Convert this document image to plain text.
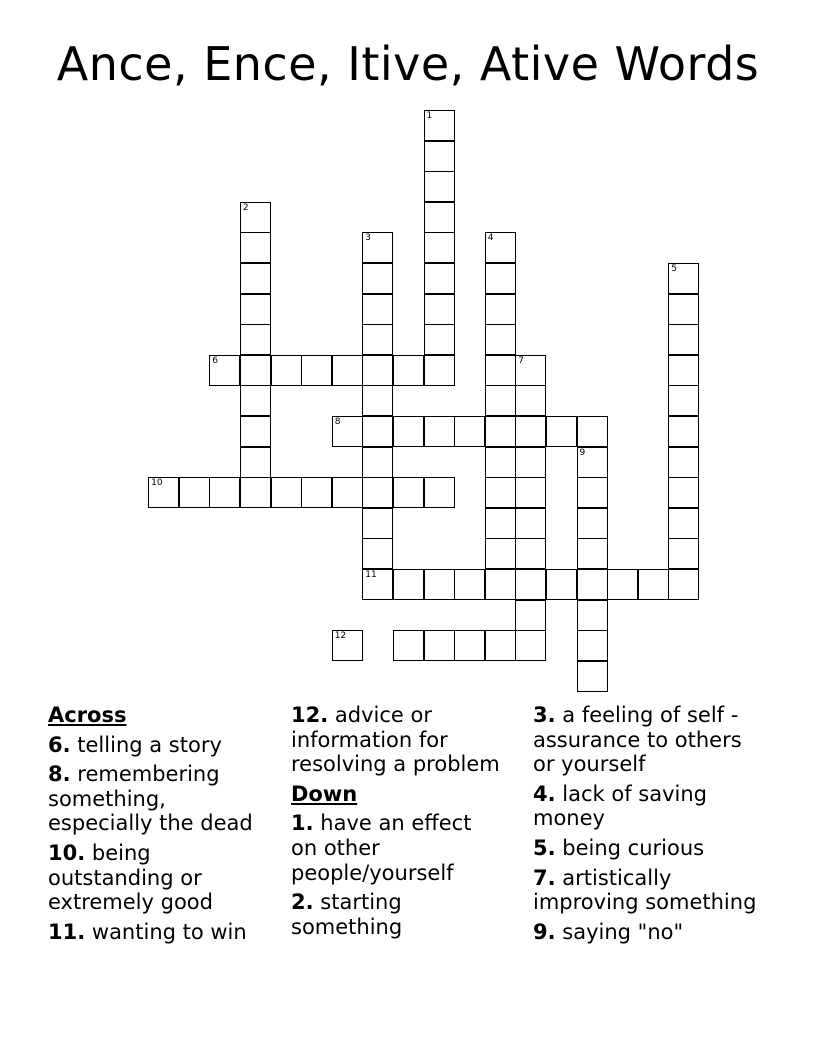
Ance, Ence, Itive, Ative Words
1
2
3	4
5
6	7
8
9
10
11
12
Across
6. telling a story
8. remembering something, especially the dead
10. being outstanding or extremely good
11. wanting to win
12. advice or information for resolving a problem
Down
1. have an effect on other people/yourself
2. starting something
3. a feeling of self - assurance to others or yourself
4. lack of saving money
5. being curious
7. artistically improving something
9. saying "no"
